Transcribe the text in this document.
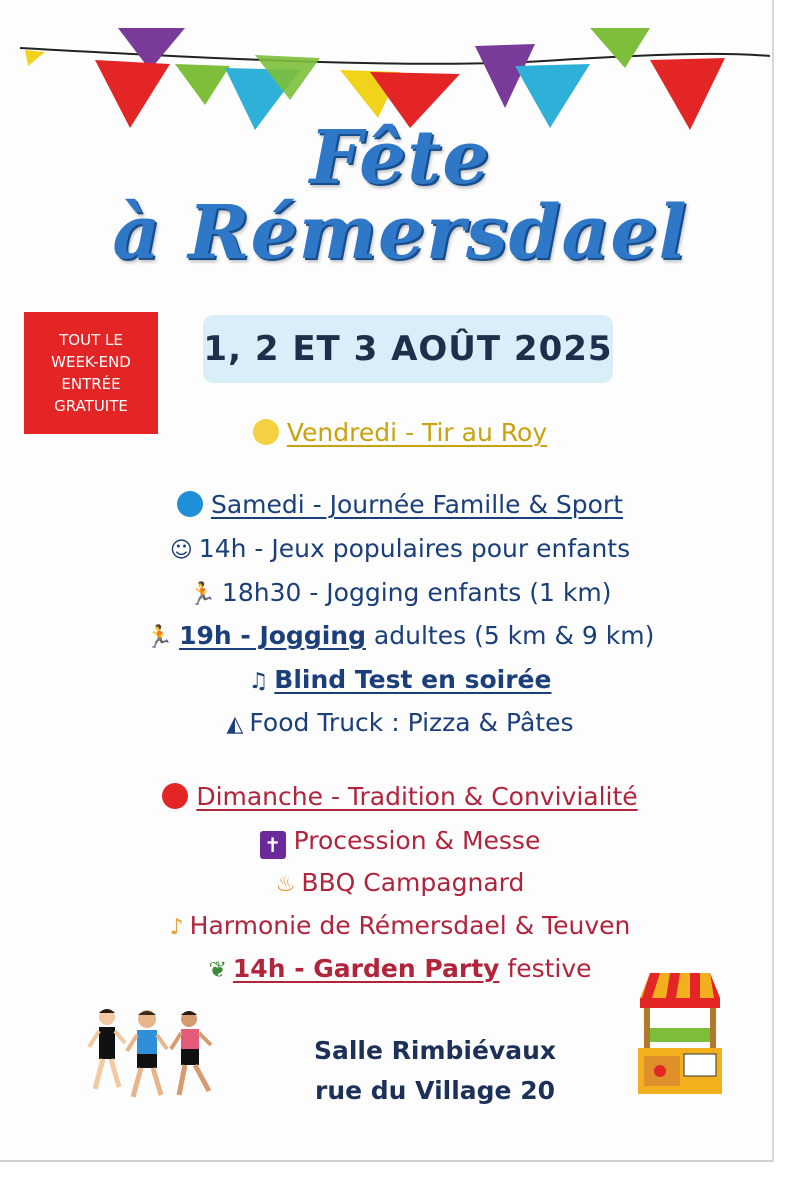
Fête
à Rémersdael
TOUT LE
WEEK-END
ENTRÉE
GRATUITE
1, 2 ET 3 AOÛT 2025
Vendredi - Tir au Roy
Samedi - Journée Famille & Sport
☺ 14h - Jeux populaires pour enfants
🏃 18h30 - Jogging enfants (1 km)
🏃 19h - Jogging adultes (5 km & 9 km)
♫ Blind Test en soirée
◭ Food Truck : Pizza & Pâtes
Dimanche - Tradition & Convivialité
✝ Procession & Messe
♨ BBQ Campagnard
♪ Harmonie de Rémersdael & Teuven
❦ 14h - Garden Party festive
Salle Rimbiévaux
rue du Village 20
